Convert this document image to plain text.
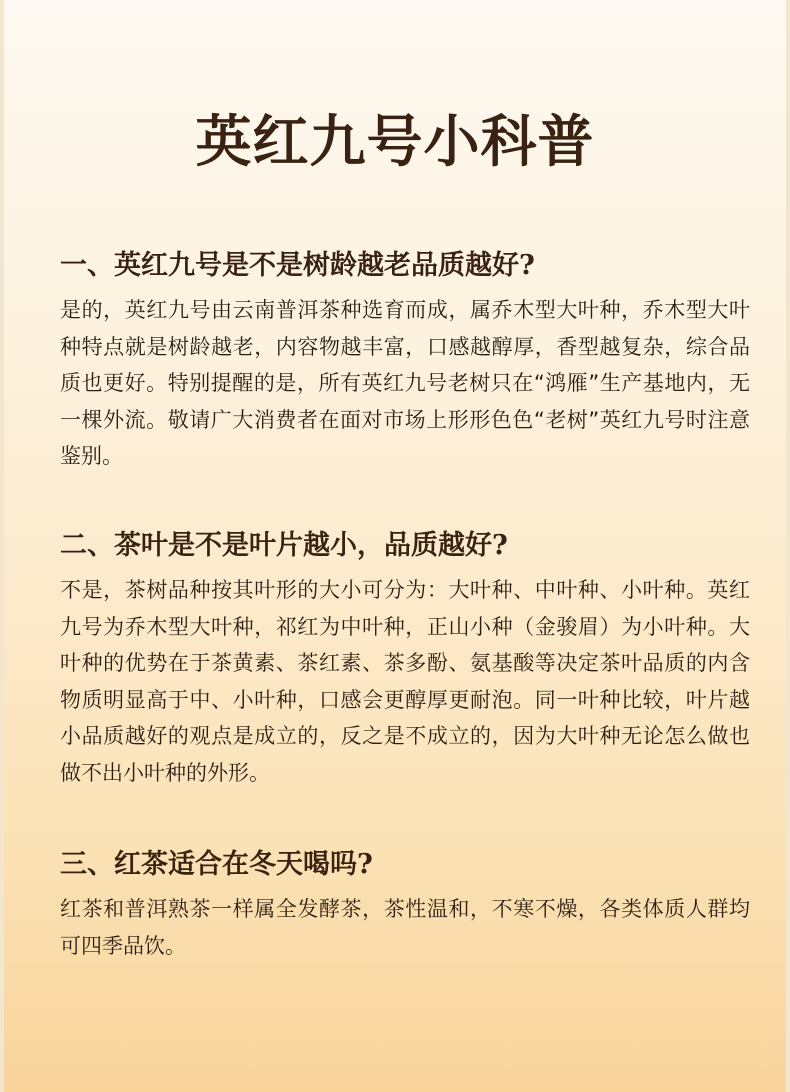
英红九号小科普
一、英红九号是不是树龄越老品质越好?

是的，英红九号由云南普洱茶种选育而成，属乔木型大叶种，乔木型大叶种特点就是树龄越老，内容物越丰富，口感越醇厚，香型越复杂，综合品质也更好。特别提醒的是，所有英红九号老树只在“鸿雁”生产基地内，无一棵外流。敬请广大消费者在面对市场上形形色色“老树”英红九号时注意鉴别。

二、茶叶是不是叶片越小，品质越好?

不是，茶树品种按其叶形的大小可分为：大叶种、中叶种、小叶种。英红九号为乔木型大叶种，祁红为中叶种，正山小种（金骏眉）为小叶种。大叶种的优势在于茶黄素、茶红素、茶多酚、氨基酸等决定茶叶品质的内含物质明显高于中、小叶种，口感会更醇厚更耐泡。同一叶种比较，叶片越小品质越好的观点是成立的，反之是不成立的，因为大叶种无论怎么做也做不出小叶种的外形。

三、红茶适合在冬天喝吗?

红茶和普洱熟茶一样属全发酵茶，茶性温和，不寒不燥，各类体质人群均可四季品饮。
